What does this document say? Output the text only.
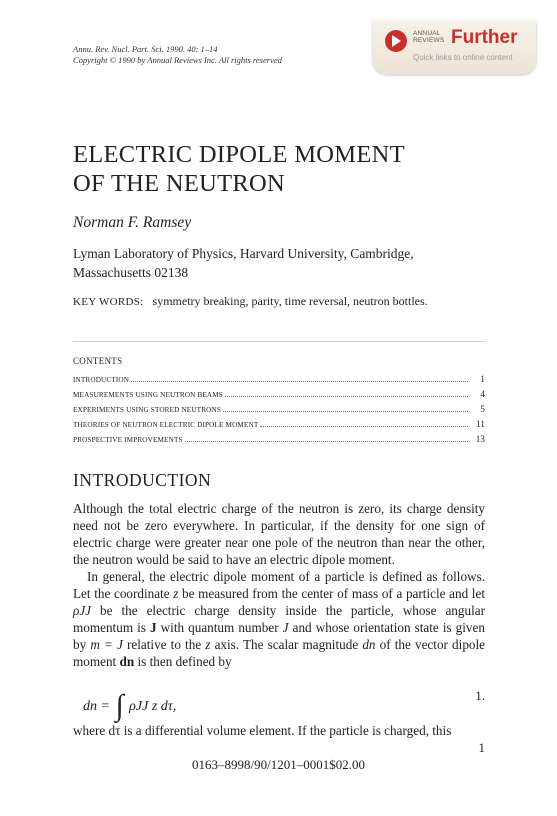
Annu. Rev. Nucl. Part. Sci. 1990. 40: 1–14
Copyright © 1990 by Annual Reviews Inc. All rights reserved
ANNUAL
REVIEWS Further
Quick links to online content
ELECTRIC DIPOLE MOMENT
OF THE NEUTRON
Norman F. Ramsey
Lyman Laboratory of Physics, Harvard University, Cambridge, Massachusetts 02138
KEY WORDS: symmetry breaking, parity, time reversal, neutron bottles.
CONTENTS
INTRODUCTION	1
MEASUREMENTS USING NEUTRON BEAMS	4
EXPERIMENTS USING STORED NEUTRONS	5
THEORIES OF NEUTRON ELECTRIC DIPOLE MOMENT	11
PROSPECTIVE IMPROVEMENTS	13
INTRODUCTION

Although the total electric charge of the neutron is zero, its charge density need not be zero everywhere. In particular, if the density for one sign of electric charge were greater near one pole of the neutron than near the other, the neutron would be said to have an electric dipole moment.

In general, the electric dipole moment of a particle is defined as follows. Let the coordinate z be measured from the center of mass of a particle and let ρJJ be the electric charge density inside the particle, whose angular momentum is J with quantum number J and whose orientation state is given by m = J relative to the z axis. The scalar magnitude dn of the vector dipole moment dn is then defined by

dn = ∫ ρJJ z dτ,
1.

where dτ is a differential volume element. If the particle is charged, this

1
0163–8998/90/1201–0001$02.00
